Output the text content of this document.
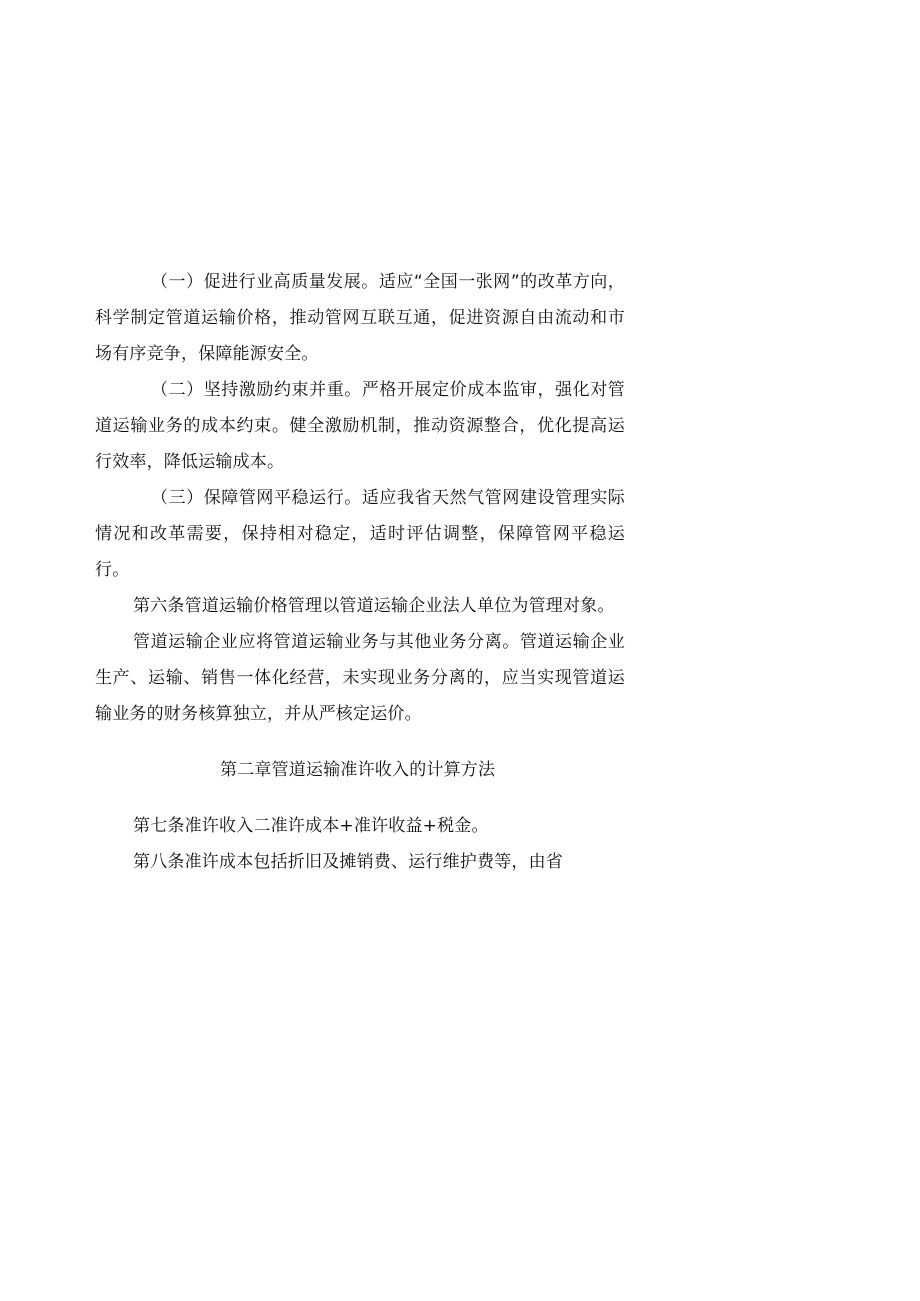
（一）促进行业高质量发展。适应“全国一张网”的改革方向，科学制定管道运输价格，推动管网互联互通，促进资源自由流动和市场有序竞争，保障能源安全。

（二）坚持激励约束并重。严格开展定价成本监审，强化对管道运输业务的成本约束。健全激励机制，推动资源整合，优化提高运行效率，降低运输成本。

（三）保障管网平稳运行。适应我省天然气管网建设管理实际情况和改革需要，保持相对稳定，适时评估调整，保障管网平稳运行。

第六条管道运输价格管理以管道运输企业法人单位为管理对象。

管道运输企业应将管道运输业务与其他业务分离。管道运输企业生产、运输、销售一体化经营，未实现业务分离的，应当实现管道运输业务的财务核算独立，并从严核定运价。

第二章管道运输准许收入的计算方法

第七条准许收入二准许成本+准许收益+税金。

第八条准许成本包括折旧及摊销费、运行维护费等，由省
